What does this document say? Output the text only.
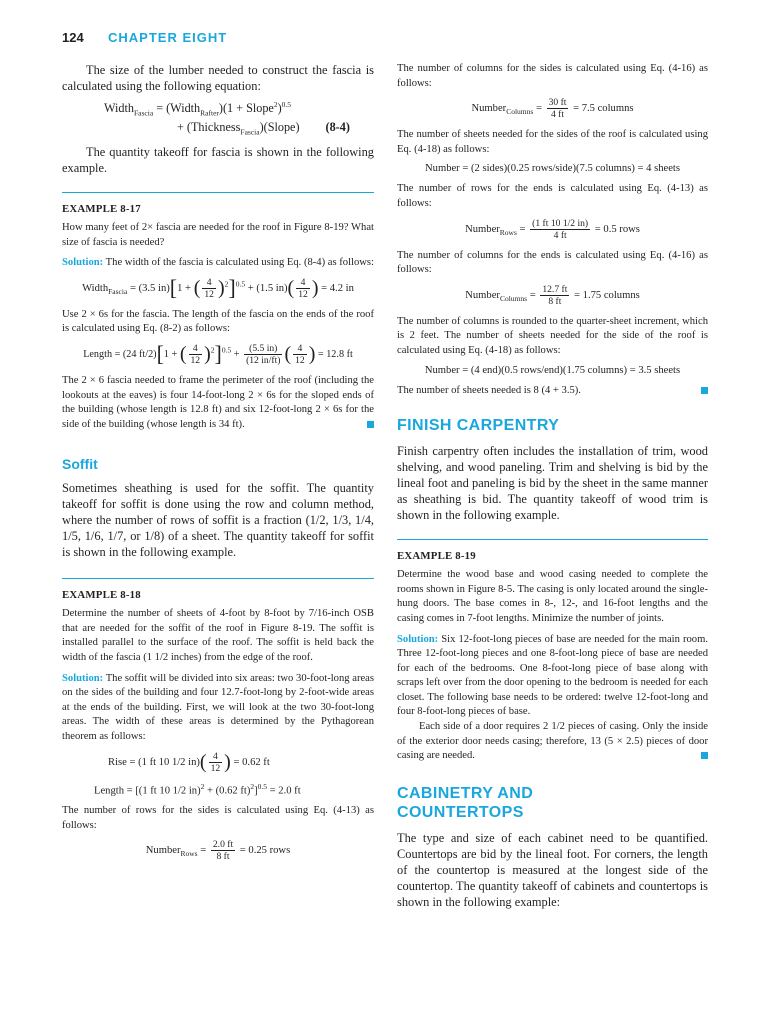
124 CHAPTER EIGHT

The size of the lumber needed to construct the fascia is calculated using the following equation:

Width$_{Fascia}$ = (Width$_{Rafter}$)(1 + Slope$^2$)$^{0.5}$
+ (Thickness$_{Fascia}$)(Slope) (8-4)

The quantity takeoff for fascia is shown in the following example.

EXAMPLE 8-17

How many feet of 2× fascia are needed for the roof in Figure 8-19? What size of fascia is needed?

Solution: The width of the fascia is calculated using Eq. (8-4) as follows:

Width$_{Fascia}$ = (3.5 in)[1 + ( $\frac{4}{12} )^2]^{0.5} + (1.5$ $in)( \frac{4}{12}$ ) = 4.2 in

Use 2 × 6s for the fascia. The length of the fascia on the ends of the roof is calculated using Eq. (8-2) as follows:

Length = (24 ft/2)[1 + ( $\frac{4}{12} )^2]^{0.5} + \frac{(5.5 in)}{(12 in/ft)}$ ( $\frac{4}{12}$ ) = 12.8 ft

The 2 × 6 fascia needed to frame the perimeter of the roof (including the lookouts at the eaves) is four 14-foot-long 2 × 6s for the sloped ends of the building (whose length is 12.8 ft) and six 12-foot-long 2 × 6s for the side of the building (whose length is 34 ft).

Soffit

Sometimes sheathing is used for the soffit. The quantity takeoff for soffit is done using the row and column method, where the number of rows of soffit is a fraction (1/2, 1/3, 1/4, 1/5, 1/6, 1/7, or 1/8) of a sheet. The quantity takeoff for soffit is shown in the following example.

EXAMPLE 8-18

Determine the number of sheets of 4-foot by 8-foot by 7/16-inch OSB that are needed for the soffit of the roof in Figure 8-19. The soffit is installed parallel to the surface of the roof. The soffit is held back the width of the fascia (1 1/2 inches) from the edge of the roof.

Solution: The soffit will be divided into six areas: two 30-foot-long areas on the sides of the building and four 12.7-foot-long by 2-foot-wide areas at the ends of the building. First, we will look at the two 30-foot-long areas. The width of these areas is determined by the Pythagorean theorem as follows:

Rise = (1 ft 10 1/2 $in)( \frac{4}{12}$ ) = 0.62 ft
Length = [(1 ft 10 1/2 in)$^2$ + (0.62 ft)$^2$]$^{0.5}$ = 2.0 ft

The number of rows for the sides is calculated using Eq. (4-13) as follows:

Number$_{Rows}$ = $\frac{2.0 ft}{8 ft} = 0.25$ rows

The number of columns for the sides is calculated using Eq. (4-16) as follows:

Number$_{Columns}$ = $\frac{30 ft}{4 ft} = 7.5$ columns

The number of sheets needed for the sides of the roof is calculated using Eq. (4-18) as follows:

Number = (2 sides)(0.25 rows/side)(7.5 columns) = 4 sheets

The number of rows for the ends is calculated using Eq. (4-13) as follows:

Number$_{Rows}$ = $\frac{(1 ft 10 1/2 in)}{4 ft} = 0.5$ rows

The number of columns for the ends is calculated using Eq. (4-16) as follows:

Number$_{Columns}$ = $\frac{12.7 ft}{8 ft} = 1.75$ columns

The number of columns is rounded to the quarter-sheet increment, which is 2 feet. The number of sheets needed for the side of the roof is calculated using Eq. (4-18) as follows:

Number = (4 end)(0.5 rows/end)(1.75 columns) = 3.5 sheets

The number of sheets needed is 8 (4 + 3.5).

FINISH CARPENTRY

Finish carpentry often includes the installation of trim, wood shelving, and wood paneling. Trim and shelving is bid by the lineal foot and paneling is bid by the sheet in the same manner as sheathing is bid. The quantity takeoff of wood trim is shown in the following example.

EXAMPLE 8-19

Determine the wood base and wood casing needed to complete the rooms shown in Figure 8-5. The casing is only located around the single-hung doors. The base comes in 8-, 12-, and 16-foot lengths and the casing comes in 7-foot lengths. Minimize the number of joints.

Solution: Six 12-foot-long pieces of base are needed for the main room. Three 12-foot-long pieces and one 8-foot-long piece of base are needed for each of the bedrooms. One 8-foot-long piece of base along with scraps left over from the door opening to the bedroom is needed for each closet. The following base needs to be ordered: twelve 12-foot-long and four 8-foot-long pieces of base.

Each side of a door requires 2 1/2 pieces of casing. Only the inside of the exterior door needs casing; therefore, 13 (5 × 2.5) pieces of door casing are needed.

CABINETRY AND
COUNTERTOPS

The type and size of each cabinet need to be quantified. Countertops are bid by the lineal foot. For corners, the length of the countertop is measured at the longest side of the countertop. The quantity takeoff of cabinets and countertops is shown in the following example:
